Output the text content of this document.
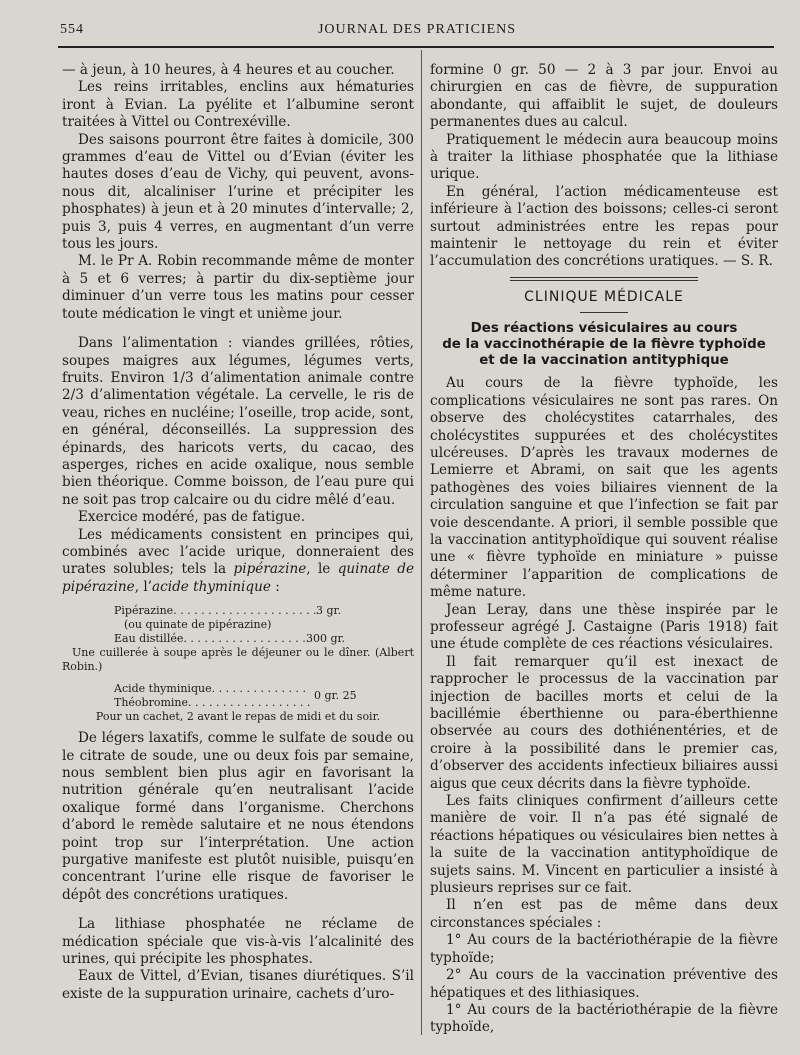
554	JOURNAL DES PRATICIENS

— à jeun, à 10 heures, à 4 heures et au coucher.

Les reins irritables, enclins aux hématuries iront à Evian. La pyélite et l’albumine seront traitées à Vittel ou Contrexéville.

Des saisons pourront être faites à domicile, 300 grammes d’eau de Vittel ou d’Evian (éviter les hautes doses d’eau de Vichy, qui peuvent, avons-nous dit, alcaliniser l’urine et précipiter les phosphates) à jeun et à 20 minutes d’intervalle; 2, puis 3, puis 4 verres, en augmentant d’un verre tous les jours.

M. le Pr A. Robin recommande même de monter à 5 et 6 verres; à partir du dix-septième jour diminuer d’un verre tous les matins pour cesser toute médication le vingt et unième jour.

Dans l’alimentation : viandes grillées, rôties, soupes maigres aux légumes, légumes verts, fruits. Environ 1/3 d’alimentation animale contre 2/3 d’alimentation végétale. La cervelle, le ris de veau, riches en nucléine; l’oseille, trop acide, sont, en général, déconseillés. La suppression des épinards, des haricots verts, du cacao, des asperges, riches en acide oxalique, nous semble bien théorique. Comme boisson, de l’eau pure qui ne soit pas trop calcaire ou du cidre mêlé d’eau.

Exercice modéré, pas de fatigue.

Les médicaments consistent en principes qui, combinés avec l’acide urique, donneraient des urates solubles; tels la pipérazine, le quinate de pipérazine, l’acide thyminique :

Pipérazine. . . . . . . . . . . . . . . . . . . . . 3 gr.
(ou quinate de pipérazine)
Eau distillée. . . . . . . . . . . . . . . . . . 300 gr.
Une cuillerée à soupe après le déjeuner ou le dîner. (Albert Robin.)
Acide thyminique. . . . . . . . . . . . . .
Théobromine. . . . . . . . . . . . . . . . . .
0 gr. 25
Pour un cachet, 2 avant le repas de midi et du soir.

De légers laxatifs, comme le sulfate de soude ou le citrate de soude, une ou deux fois par semaine, nous semblent bien plus agir en favorisant la nutrition générale qu’en neutralisant l’acide oxalique formé dans l’organisme. Cherchons d’abord le remède salutaire et ne nous étendons point trop sur l’interprétation. Une action purgative manifeste est plutôt nuisible, puisqu’en concentrant l’urine elle risque de favoriser le dépôt des concrétions uratiques.

La lithiase phosphatée ne réclame de médication spéciale que vis-à-vis l’alcalinité des urines, qui précipite les phosphates.

Eaux de Vittel, d’Evian, tisanes diurétiques. S’il existe de la suppuration urinaire, cachets d’uro-

formine 0 gr. 50 — 2 à 3 par jour. Envoi au chirurgien en cas de fièvre, de suppuration abondante, qui affaiblit le sujet, de douleurs permanentes dues au calcul.

Pratiquement le médecin aura beaucoup moins à traiter la lithiase phosphatée que la lithiase urique.

En général, l’action médicamenteuse est inférieure à l’action des boissons; celles-ci seront surtout administrées entre les repas pour maintenir le nettoyage du rein et éviter l’accumulation des concrétions uratiques. — S. R.

CLINIQUE MÉDICALE
Des réactions vésiculaires au cours
de la vaccinothérapie de la fièvre typhoïde
et de la vaccination antityphique

Au cours de la fièvre typhoïde, les complications vésiculaires ne sont pas rares. On observe des cholécystites catarrhales, des cholécystites suppurées et des cholécystites ulcéreuses. D’après les travaux modernes de Lemierre et Abrami, on sait que les agents pathogènes des voies biliaires viennent de la circulation sanguine et que l’infection se fait par voie descendante. A priori, il semble possible que la vaccination antityphoïdique qui souvent réalise une « fièvre typhoïde en miniature » puisse déterminer l’apparition de complications de même nature.

Jean Leray, dans une thèse inspirée par le professeur agrégé J. Castaigne (Paris 1918) fait une étude complète de ces réactions vésiculaires.

Il fait remarquer qu’il est inexact de rapprocher le processus de la vaccination par injection de bacilles morts et celui de la bacillémie éberthienne ou para-éberthienne observée au cours des dothiénentéries, et de croire à la possibilité dans le premier cas, d’observer des accidents infectieux biliaires aussi aigus que ceux décrits dans la fièvre typhoïde.

Les faits cliniques confirment d’ailleurs cette manière de voir. Il n’a pas été signalé de réactions hépatiques ou vésiculaires bien nettes à la suite de la vaccination antityphoïdique de sujets sains. M. Vincent en particulier a insisté à plusieurs reprises sur ce fait.

Il n’en est pas de même dans deux circonstances spéciales :

1° Au cours de la bactériothérapie de la fièvre typhoïde;

2° Au cours de la vaccination préventive des hépatiques et des lithiasiques.

1° Au cours de la bactériothérapie de la fièvre typhoïde,
